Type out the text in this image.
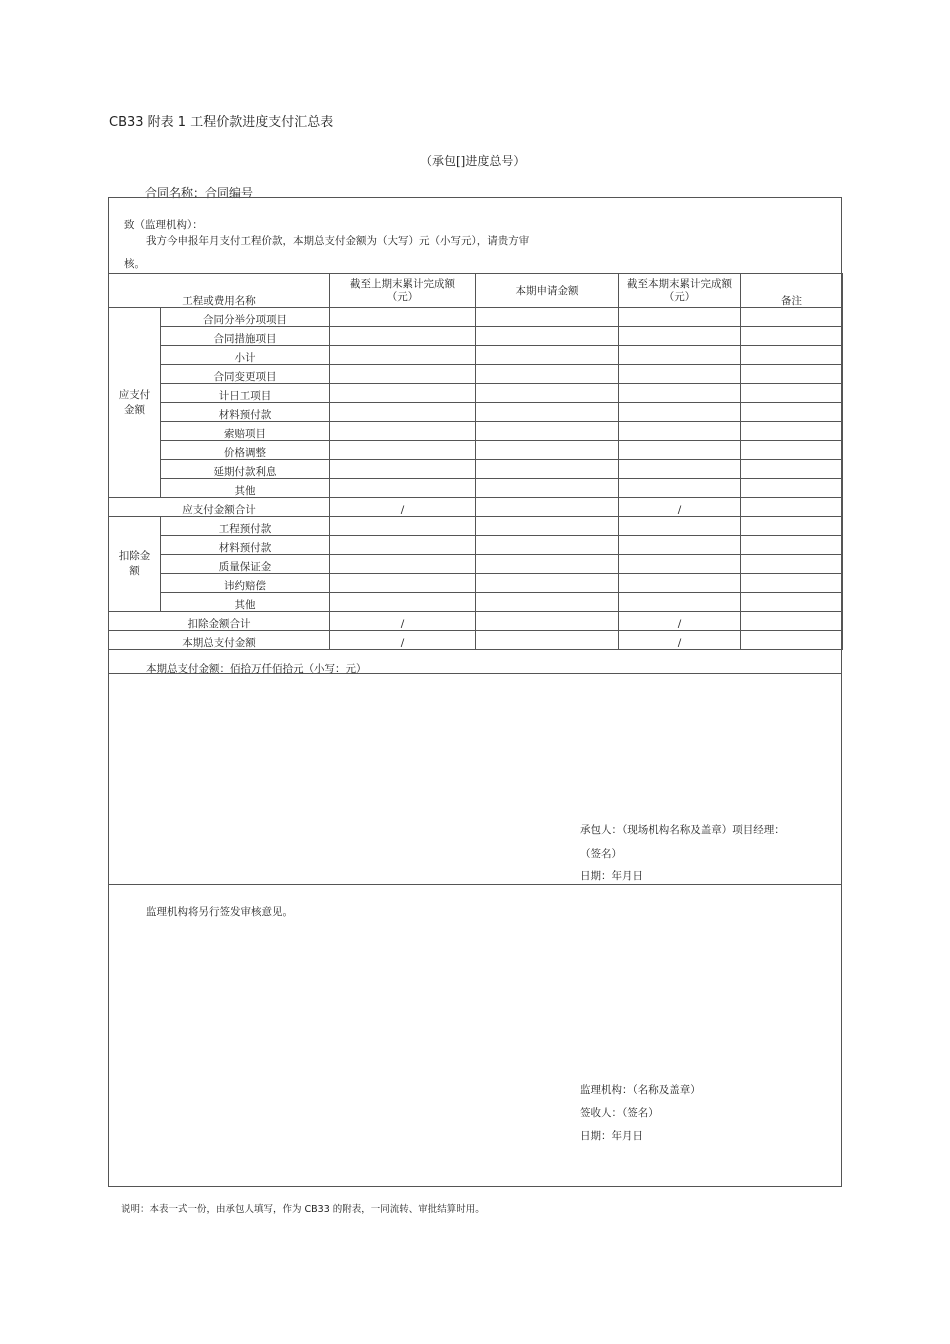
CB33 附表 1 工程价款进度支付汇总表
（承包[]进度总号）
合同名称：合同编号
致（监理机构）：
我方今申报年月支付工程价款，本期总支付金额为（大写）元（小写元），请贵方审
核。
工程或费用名称		截至上期末累计完成额（元）	本期申请金额	截至本期末累计完成额（元）	备注

应支付金额	合同分举分项项目				
	合同措施项目				
	小计				
	合同变更项目				
	计日工项目				
	材料预付款				
	索赔项目				
	价格调整				
	延期付款利息				
	其他				
应支付金额合计		/		/	

扣除金额	工程预付款				
	材料预付款				
	质量保证金				
	讳约赔偿				
	其他				
扣除金额合计		/		/	
本期总支付金额		/		/	
本期总支付金额：佰拾万仟佰拾元（小写：元）
承包人：（现场机构名称及盖章）项目经理：
（签名）
日期：年月日
监理机构将另行签发审核意见。
监理机构：（名称及盖章）
签收人：（签名）
日期：年月日
说明：本表一式一份，由承包人填写，作为 CB33 的附表，一同流转、审批结算时用。
